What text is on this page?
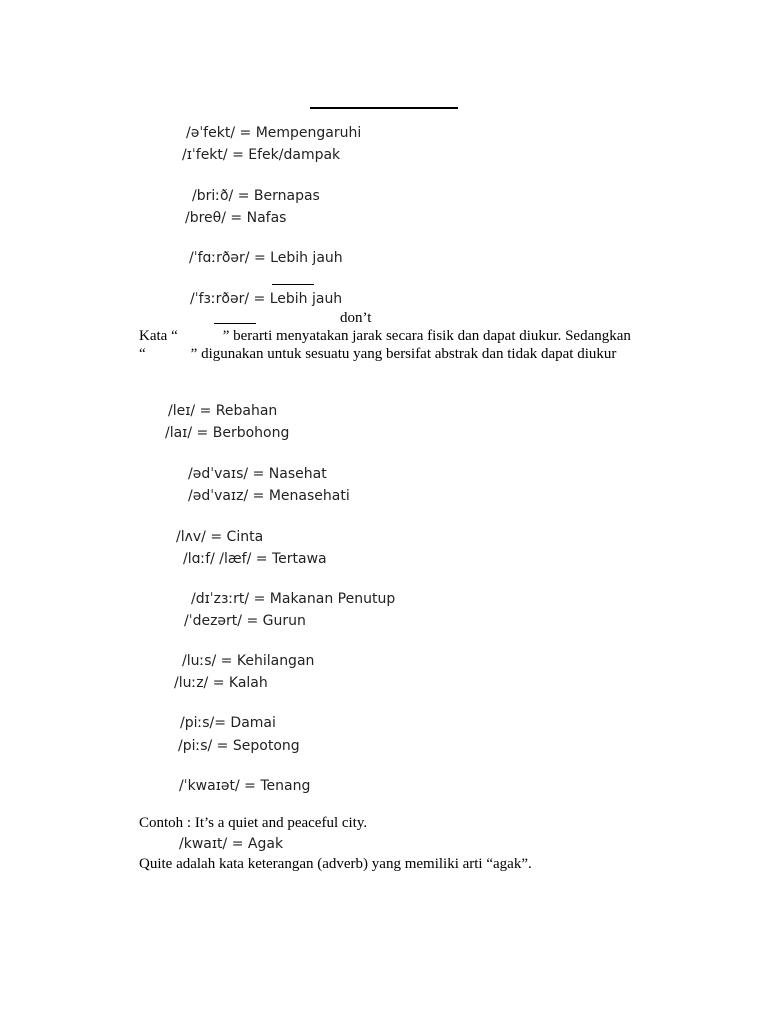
/əˈfekt/ = Mempengaruhi
/ɪˈfekt/ = Efek/dampak
/briːð/ = Bernapas
/breθ/ = Nafas
/ˈfɑːrðər/ = Lebih jauh
/ˈfɜːrðər/ = Lebih jauh
don’t
Kata “            ” berarti menyatakan jarak secara fisik dan dapat diukur. Sedangkan
“            ” digunakan untuk sesuatu yang bersifat abstrak dan tidak dapat diukur
/leɪ/ = Rebahan
/laɪ/ = Berbohong
/ədˈvaɪs/ = Nasehat
/ədˈvaɪz/ = Menasehati
/lʌv/ = Cinta
/lɑːf/ /læf/ = Tertawa
/dɪˈzɜːrt/ = Makanan Penutup
/ˈdezərt/ = Gurun
/luːs/ = Kehilangan
/luːz/ = Kalah
/piːs/= Damai
/piːs/ = Sepotong
/ˈkwaɪət/ = Tenang
Contoh : It’s a quiet and peaceful city.
/kwaɪt/ = Agak
Quite adalah kata keterangan (adverb) yang memiliki arti “agak”.
